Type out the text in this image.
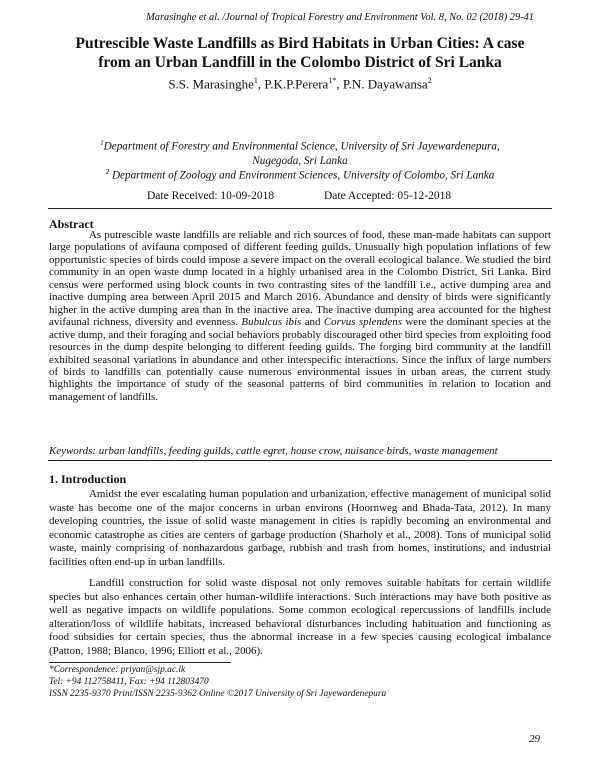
Marasinghe et al. /Journal of Tropical Forestry and Environment Vol. 8, No. 02 (2018) 29-41
Putrescible Waste Landfills as Bird Habitats in Urban Cities: A case
from an Urban Landfill in the Colombo District of Sri Lanka
S.S. Marasinghe$^1$, P.K.P.Perera$^{1*}$, P.N. Dayawansa$^2$
$^1$Department of Forestry and Environmental Science, University of Sri Jayewardenepura,
Nugegoda, Sri Lanka
$^2$ Department of Zoology and Environment Sciences, University of Colombo, Sri Lanka
Date Received: 10-09-2018	Date Accepted: 05-12-2018
Abstract

As putrescible waste landfills are reliable and rich sources of food, these man-made habitats can support large populations of avifauna composed of different feeding guilds. Unusually high population inflations of few opportunistic species of birds could impose a severe impact on the overall ecological balance. We studied the bird community in an open waste dump located in a highly urbanised area in the Colombo District, Sri Lanka. Bird census were performed using block counts in two contrasting sites of the landfill i.e., active dumping area and inactive dumping area between April 2015 and March 2016. Abundance and density of birds were significantly higher in the active dumping area than in the inactive area. The inactive dumping area accounted for the highest avifaunal richness, diversity and evenness. Bubulcus ibis and Corvus splendens were the dominant species at the active dump, and their foraging and social behaviors probably discouraged other bird species from exploiting food resources in the dump despite belonging to different feeding guilds. The forging bird community at the landfill exhibited seasonal variations in abundance and other interspecific interactions. Since the influx of large numbers of birds to landfills can potentially cause numerous environmental issues in urban areas, the current study highlights the importance of study of the seasonal patterns of bird communities in relation to location and management of landfills.

Keywords: urban landfills, feeding guilds, cattle egret, house crow, nuisance birds, waste management
1. Introduction

Amidst the ever escalating human population and urbanization, effective management of municipal solid waste has become one of the major concerns in urban environs (Hoornweg and Bhada-Tata, 2012). In many developing countries, the issue of solid waste management in cities is rapidly becoming an environmental and economic catastrophe as cities are centers of garbage production (Sharholy et al., 2008). Tons of municipal solid waste, mainly comprising of nonhazardous garbage, rubbish and trash from homes, institutions, and industrial facilities often end-up in urban landfills.

Landfill construction for solid waste disposal not only removes suitable habitats for certain wildlife species but also enhances certain other human-wildlife interactions. Such interactions may have both positive as well as negative impacts on wildlife populations. Some common ecological repercussions of landfills include alteration/loss of wildlife habitats, increased behavioral disturbances including habituation and functioning as food subsidies for certain species, thus the abnormal increase in a few species causing ecological imbalance (Patton, 1988; Blanco, 1996; Elliott et al., 2006).

*Correspondence: priyan@sjp.ac.lk
Tel: +94 112758411, Fax: +94 112803470
ISSN 2235-9370 Print/ISSN 2235-9362 Online ©2017 University of Sri Jayewardenepura
29
